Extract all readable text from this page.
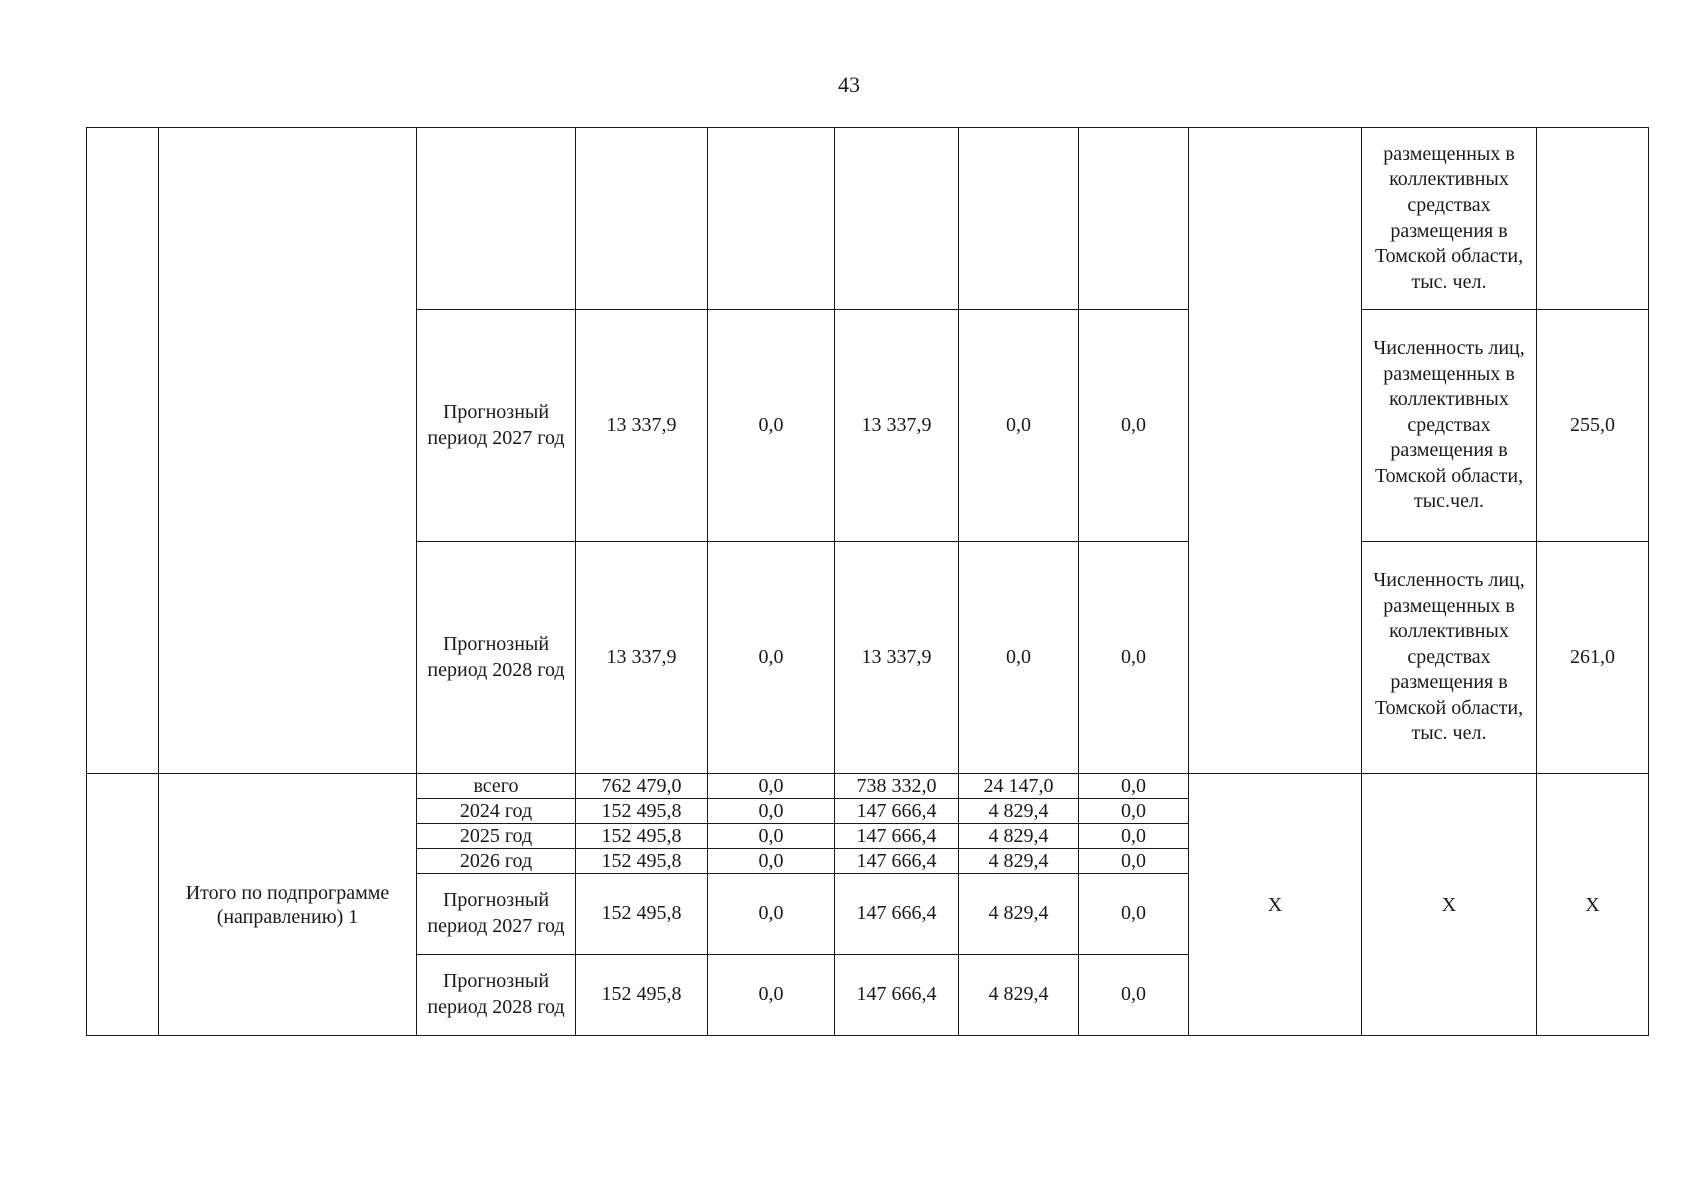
43

									размещенных в коллективных средствах размещения в Томской области, тыс. чел.	

		Прогнозный период 2027 год	13 337,9	0,0	13 337,9	0,0	0,0		Численность лиц, размещенных в коллективных средствах размещения в Томской области, тыс.чел.	255,0
		Прогнозный период 2028 год	13 337,9	0,0	13 337,9	0,0	0,0		Численность лиц, размещенных в коллективных средствах размещения в Томской области, тыс. чел.	261,0
	Итого по подпрограмме (направлению) 1	всего	762 479,0	0,0	738 332,0	24 147,0	0,0	X	X	X
		2024 год	152 495,8	0,0	147 666,4	4 829,4	0,0			
		2025 год	152 495,8	0,0	147 666,4	4 829,4	0,0			
		2026 год	152 495,8	0,0	147 666,4	4 829,4	0,0			
		Прогнозный период 2027 год	152 495,8	0,0	147 666,4	4 829,4	0,0			
		Прогнозный период 2028 год	152 495,8	0,0	147 666,4	4 829,4	0,0			
